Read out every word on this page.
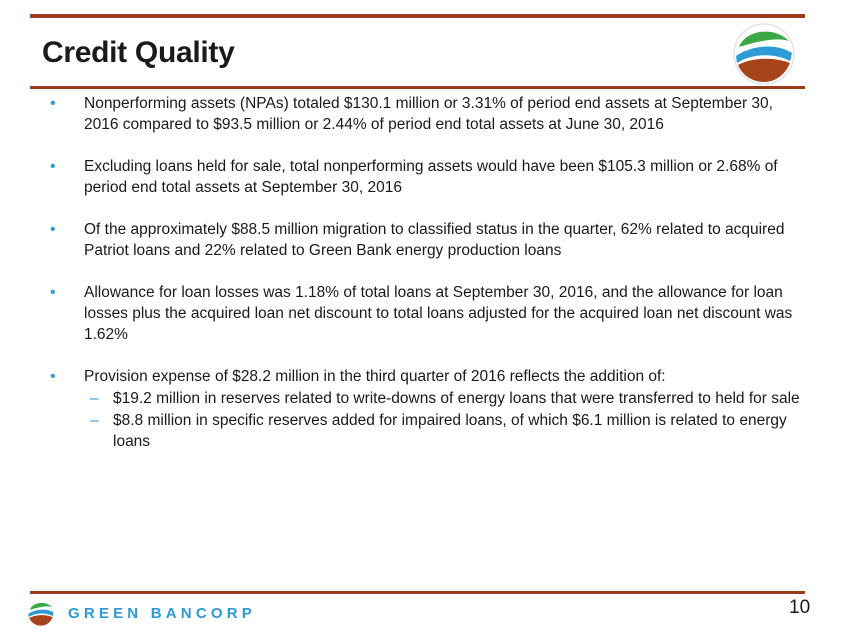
Credit Quality
• Nonperforming assets (NPAs) totaled $130.1 million or 3.31% of period end assets at September 30, 2016 compared to $93.5 million or 2.44% of period end total assets at June 30, 2016
• Excluding loans held for sale, total nonperforming assets would have been $105.3 million or 2.68% of period end total assets at September 30, 2016
• Of the approximately $88.5 million migration to classified status in the quarter, 62% related to acquired Patriot loans and 22% related to Green Bank energy production loans
• Allowance for loan losses was 1.18% of total loans at September 30, 2016, and the allowance for loan losses plus the acquired loan net discount to total loans adjusted for the acquired loan net discount was 1.62%
• Provision expense of $28.2 million in the third quarter of 2016 reflects the addition of:
– $19.2 million in reserves related to write-downs of energy loans that were transferred to held for sale
– $8.8 million in specific reserves added for impaired loans, of which $6.1 million is related to energy loans
GREEN BANCORP	10
